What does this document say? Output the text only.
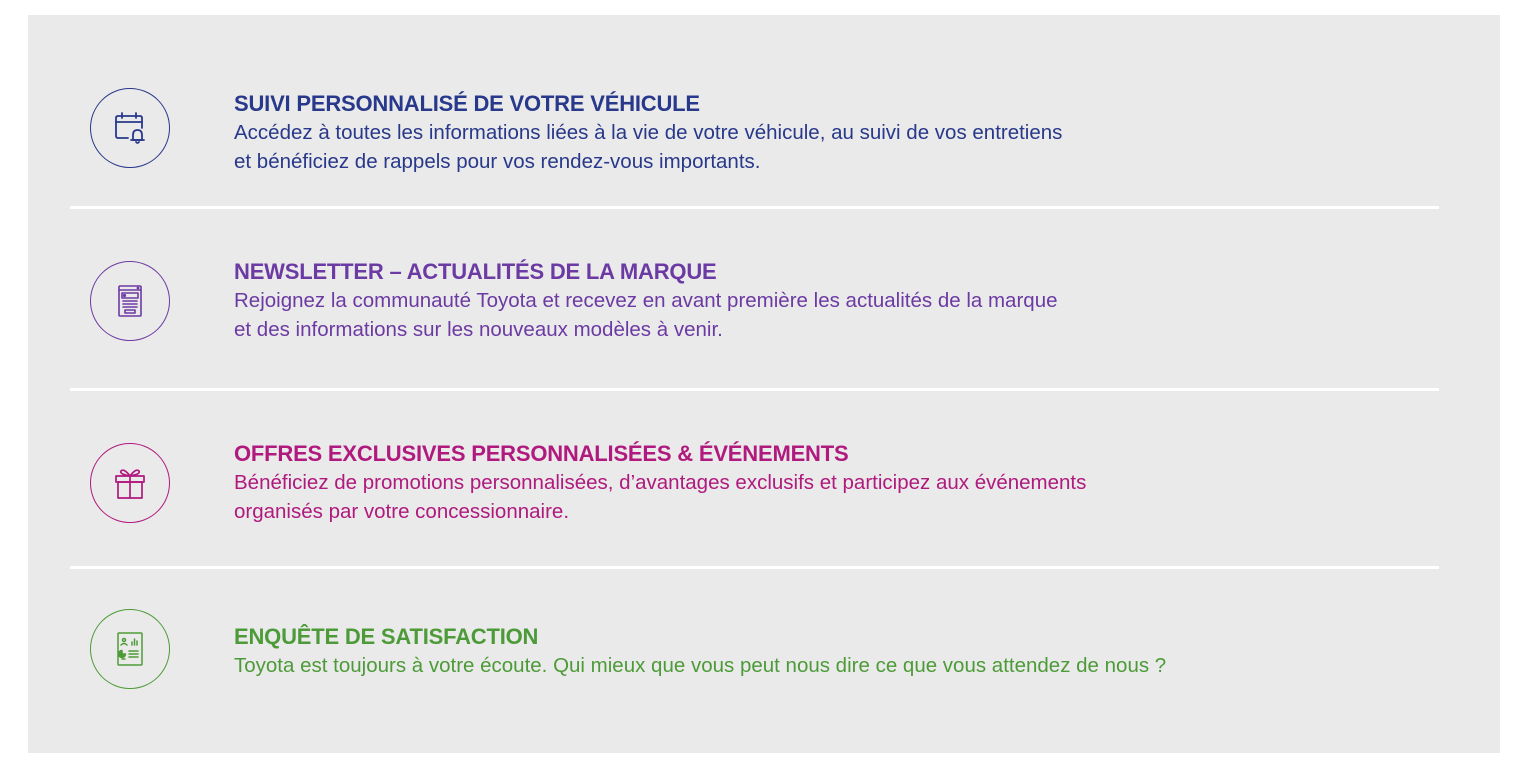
SUIVI PERSONNALISÉ DE VOTRE VÉHICULE
Accédez à toutes les informations liées à la vie de votre véhicule, au suivi de vos entretiens
et bénéficiez de rappels pour vos rendez-vous importants.
NEWSLETTER – ACTUALITÉS DE LA MARQUE
Rejoignez la communauté Toyota et recevez en avant première les actualités de la marque
et des informations sur les nouveaux modèles à venir.
OFFRES EXCLUSIVES PERSONNALISÉES & ÉVÉNEMENTS
Bénéficiez de promotions personnalisées, d’avantages exclusifs et participez aux événements
organisés par votre concessionnaire.
ENQUÊTE DE SATISFACTION
Toyota est toujours à votre écoute. Qui mieux que vous peut nous dire ce que vous attendez de nous ?
